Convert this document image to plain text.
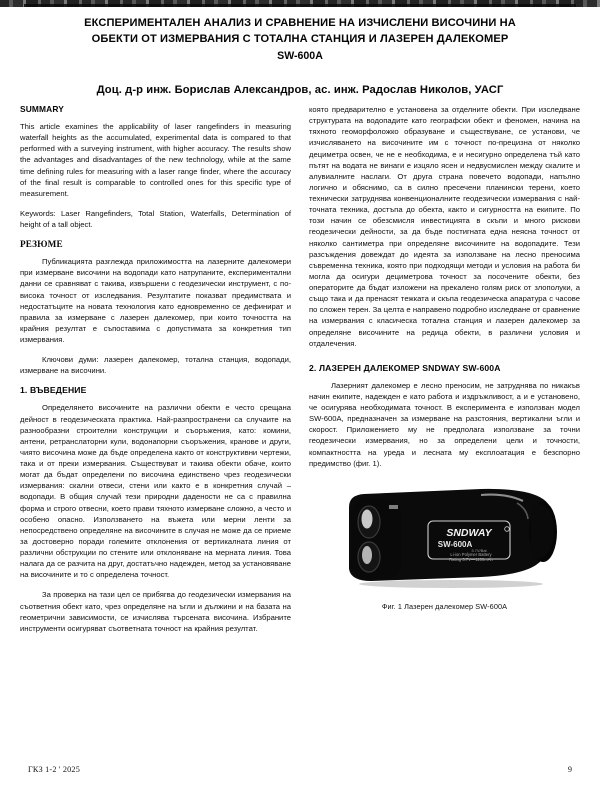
ЕКСПЕРИМЕНТАЛЕН АНАЛИЗ И СРАВНЕНИЕ НА ИЗЧИСЛЕНИ ВИСОЧИНИ НА
ОБЕКТИ ОТ ИЗМЕРВАНИЯ С ТОТАЛНА СТАНЦИЯ И ЛАЗЕРЕН ДАЛЕКОМЕР
SW-600A
Доц. д-р инж. Борислав Александров, ас. инж. Радослав Николов, УАСГ
SUMMARY

This article examines the applicability of laser rangefinders in measuring waterfall heights as the accumulated, experimental data is compared to that performed with a surveying instrument, with higher accuracy. The results show the advantages and disadvantages of the new technology, while at the same time defining rules for measuring with a laser range finder, where the accuracy of the final result is comparable to controlled ones for this specific type of measurement.

Keywords: Laser Rangefinders, Total Station, Waterfalls, Determination of height of a tall object.

РЕЗЮМЕ

Публикацията разглежда приложимостта на лазерните далекомери при измерване височини на водопади като натрупаните, експериментални данни се сравняват с такива, извършени с геодезически инструмент, с по-висока точност от изследвания. Резултатите показват предимствата и недостатъците на новата технология като едновременно се дефинират и правила за измерване с лазерен далекомер, при които точността на крайния резултат е съпоставима с допустимата за конкретния тип измервания.

Ключови думи: лазерен далекомер, тотална станция, водопади, измерване на височини.

1. ВЪВЕДЕНИЕ

Определянето височините на различни обекти е често срещана дейност в геодезическата практика. Най-разпространени са случаите на разнообразни строителни конструкции и съоръжения, като: комини, антени, ретранслаторни кули, водонапорни съоръжения, кранове и други, чиято височина може да бъде определена както от конструктивни чертежи, така и от преки измервания. Съществуват и такива обекти обаче, които могат да бъдат определени по височина единствено чрез геодезически измервания: скални отвеси, стени или както е в конкретния случай – водопади. В общия случай тези природни дадености не са с правилна форма и строго отвесни, което прави тяхното измерване сложно, а често и особено опасно. Използването на въжета или мерни ленти за непосредствено определяне на височините в случая не може да се приеме за достоверно поради големите отклонения от вертикалната линия от различни обструкции по стените или отклоняване на мерната линия. Това налага да се разчита на друг, достатъчно надежден, метод за установяване на височините и то с определена точност.

За проверка на тази цел се прибягва до геодезически измервания на съответния обект като, чрез определяне на ъгли и дължини и на базата на геометрични зависимости, се изчислява търсената височина. Избраните инструменти осигуряват съответната точност на крайния резултат.

която предварително е установена за отделните обекти. При изследване структурата на водопадите като географски обект и феномен, начина на тяхното геоморфоложко образуване и съществуване, се установи, че изчисляването на височините им с точност по-прецизна от няколко дециметра освен, че не е необходима, е и несигурно определена тъй като пътят на водата не винаги е изцяло ясен и недвусмислен между скалите и алувиалните наслаги. От друга страна повечето водопади, напълно логично и обяснимо, са в силно пресечени планински терени, което технически затруднява конвенционалните геодезически измервания с най-точната техника, достъпа до обекта, както и сигурността на екипите. По този начин се обезсмисля инвестицията в скъпи и много рискови геодезически дейности, за да бъде постигната една неясна точност от няколко сантиметра при определяне височините на водопадите. Тези разсъждения довеждат до идеята за използване на лесно преносима съвременна техника, която при подходящи методи и условия на работа би могла да осигури дециметрова точност за посочените обекти, без операторите да бъдат изложени на прекалено голям риск от злополуки, а също така и да пренасят тежката и скъпа геодезическа апаратура с часове по сложен терен. За целта е направено подробно изследване от сравнение на измервания с класическа тотална станция и лазерен далекомер за определяне височините на редица обекти, в различни условия и отдалечения.

2. ЛАЗЕРЕН ДАЛЕКОМЕР SNDWAY SW-600A

Лазерният далекомер е лесно преносим, не затруднява по никакъв начин екипите, надежден е като работа и издръжливост, а и е установено, че осигурява необходимата точност. В експеримента е използван модел SW-600A, предназначен за измерване на разстояния, вертикални ъгли и скорост. Приложението му не предполага използване за точни геодезически измервания, но за определени цели и точности, компактността на уреда и лесната му експлоатация е безспорно предимство (фиг. 1).

SNDWAY
SW-600A
3.7V/Bat
Li-ion Polymer Battery
Rating 3.7V—1100mAh
Фиг. 1 Лазерен далекомер SW-600A
ГКЗ 1-2 ' 2025	9
